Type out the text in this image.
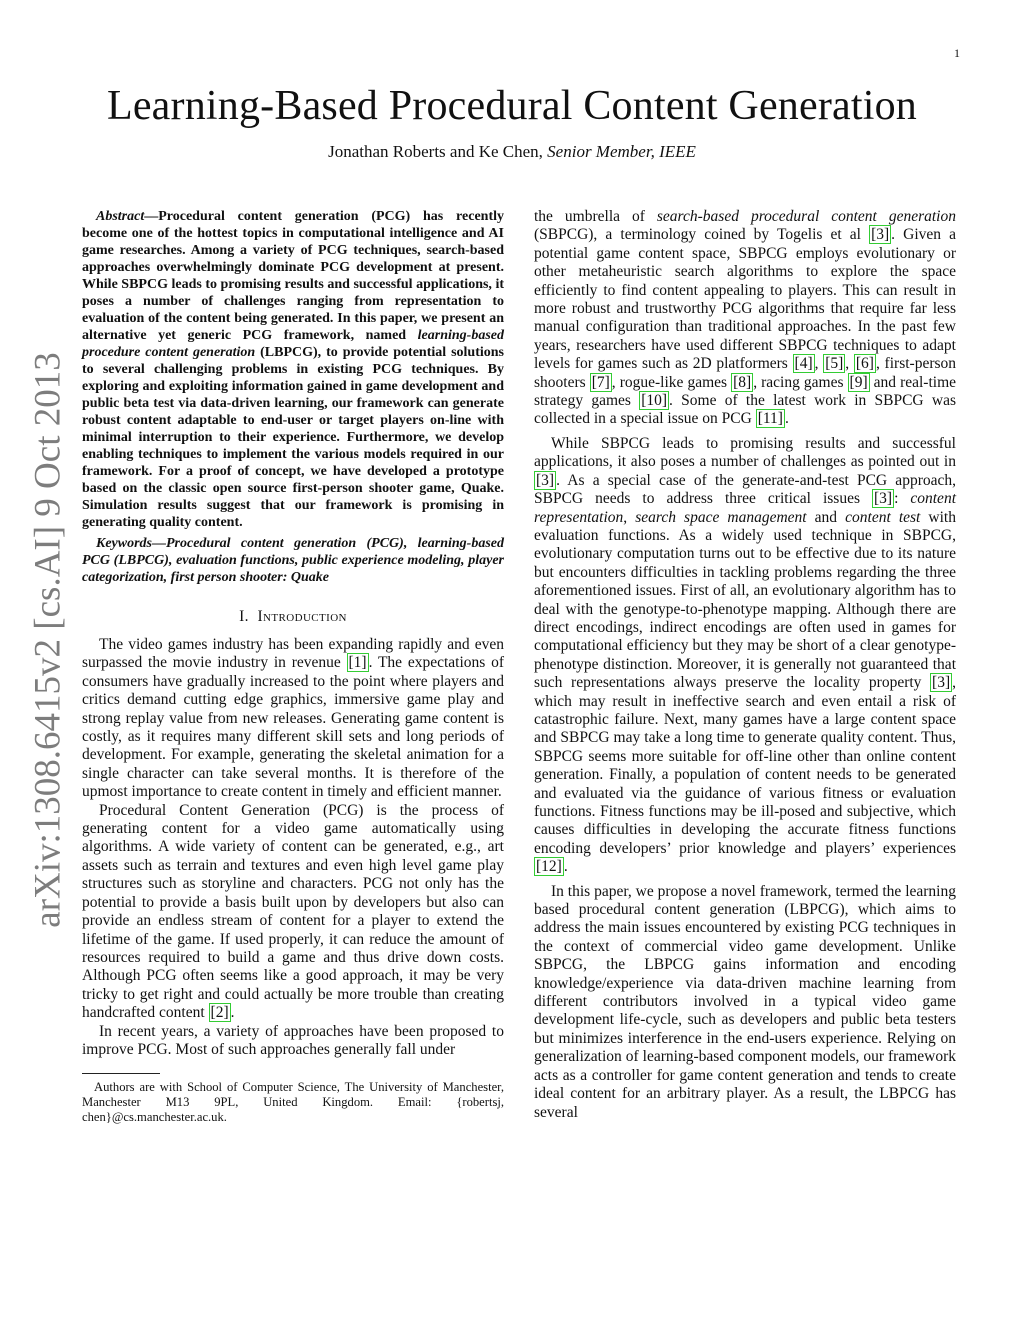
1
Learning-Based Procedural Content Generation
Jonathan Roberts and Ke Chen, Senior Member, IEEE
arXiv:1308.6415v2 [cs.AI] 9 Oct 2013

Abstract—Procedural content generation (PCG) has recently become one of the hottest topics in computational intelligence and AI game researches. Among a variety of PCG techniques, search-based approaches overwhelmingly dominate PCG development at present. While SBPCG leads to promising results and successful applications, it poses a number of challenges ranging from representation to evaluation of the content being generated. In this paper, we present an alternative yet generic PCG framework, named learning-based procedure content generation (LBPCG), to provide potential solutions to several challenging problems in existing PCG techniques. By exploring and exploiting information gained in game development and public beta test via data-driven learning, our framework can generate robust content adaptable to end-user or target players on-line with minimal interruption to their experience. Furthermore, we develop enabling techniques to implement the various models required in our framework. For a proof of concept, we have developed a prototype based on the classic open source first-person shooter game, Quake. Simulation results suggest that our framework is promising in generating quality content.

Keywords—Procedural content generation (PCG), learning-based PCG (LBPCG), evaluation functions, public experience modeling, player categorization, first person shooter: Quake

I. Introduction

The video games industry has been expanding rapidly and even surpassed the movie industry in revenue [1] . The expectations of consumers have gradually increased to the point where players and critics demand cutting edge graphics, immersive game play and strong replay value from new releases. Generating game content is costly, as it requires many different skill sets and long periods of development. For example, generating the skeletal animation for a single character can take several months. It is therefore of the upmost importance to create content in timely and efficient manner.

Procedural Content Generation (PCG) is the process of generating content for a video game automatically using algorithms. A wide variety of content can be generated, e.g., art assets such as terrain and textures and even high level game play structures such as storyline and characters. PCG not only has the potential to provide a basis built upon by developers but also can provide an endless stream of content for a player to extend the lifetime of the game. If used properly, it can reduce the amount of resources required to build a game and thus drive down costs. Although PCG often seems like a good approach, it may be very tricky to get right and could actually be more trouble than creating handcrafted content [2] .

In recent years, a variety of approaches have been proposed to improve PCG. Most of such approaches generally fall under

Authors are with School of Computer Science, The University of Manchester, Manchester M13 9PL, United Kingdom. Email: {robertsj, chen}@cs.manchester.ac.uk.

the umbrella of search-based procedural content generation (SBPCG), a terminology coined by Togelis et al [3] . Given a potential game content space, SBPCG employs evolutionary or other metaheuristic search algorithms to explore the space efficiently to find content appealing to players. This can result in more robust and trustworthy PCG algorithms that require far less manual configuration than traditional approaches. In the past few years, researchers have used different SBPCG techniques to adapt levels for games such as 2D platformers [4] , [5] , [6] , first-person shooters [7] , rogue-like games [8] , racing games [9] and real-time strategy games [10] . Some of the latest work in SBPCG was collected in a special issue on PCG [11] .

While SBPCG leads to promising results and successful applications, it also poses a number of challenges as pointed out in [3] . As a special case of the generate-and-test PCG approach, SBPCG needs to address three critical issues [3] : content representation, search space management and content test with evaluation functions. As a widely used technique in SBPCG, evolutionary computation turns out to be effective due to its nature but encounters difficulties in tackling problems regarding the three aforementioned issues. First of all, an evolutionary algorithm has to deal with the genotype-to-phenotype mapping. Although there are direct encodings, indirect encodings are often used in games for computational efficiency but they may be short of a clear genotype-phenotype distinction. Moreover, it is generally not guaranteed that such representations always preserve the locality property [3] , which may result in ineffective search and even entail a risk of catastrophic failure. Next, many games have a large content space and SBPCG may take a long time to generate quality content. Thus, SBPCG seems more suitable for off-line other than online content generation. Finally, a population of content needs to be generated and evaluated via the guidance of various fitness or evaluation functions. Fitness functions may be ill-posed and subjective, which causes difficulties in developing the accurate fitness functions encoding developers’ prior knowledge and players’ experiences [12] .

In this paper, we propose a novel framework, termed the learning based procedural content generation (LBPCG), which aims to address the main issues encountered by existing PCG techniques in the context of commercial video game development. Unlike SBPCG, the LBPCG gains information and encoding knowledge/experience via data-driven machine learning from different contributors involved in a typical video game development life-cycle, such as developers and public beta testers but minimizes interference in the end-users experience. Relying on generalization of learning-based component models, our framework acts as a controller for game content generation and tends to create ideal content for an arbitrary player. As a result, the LBPCG has several
